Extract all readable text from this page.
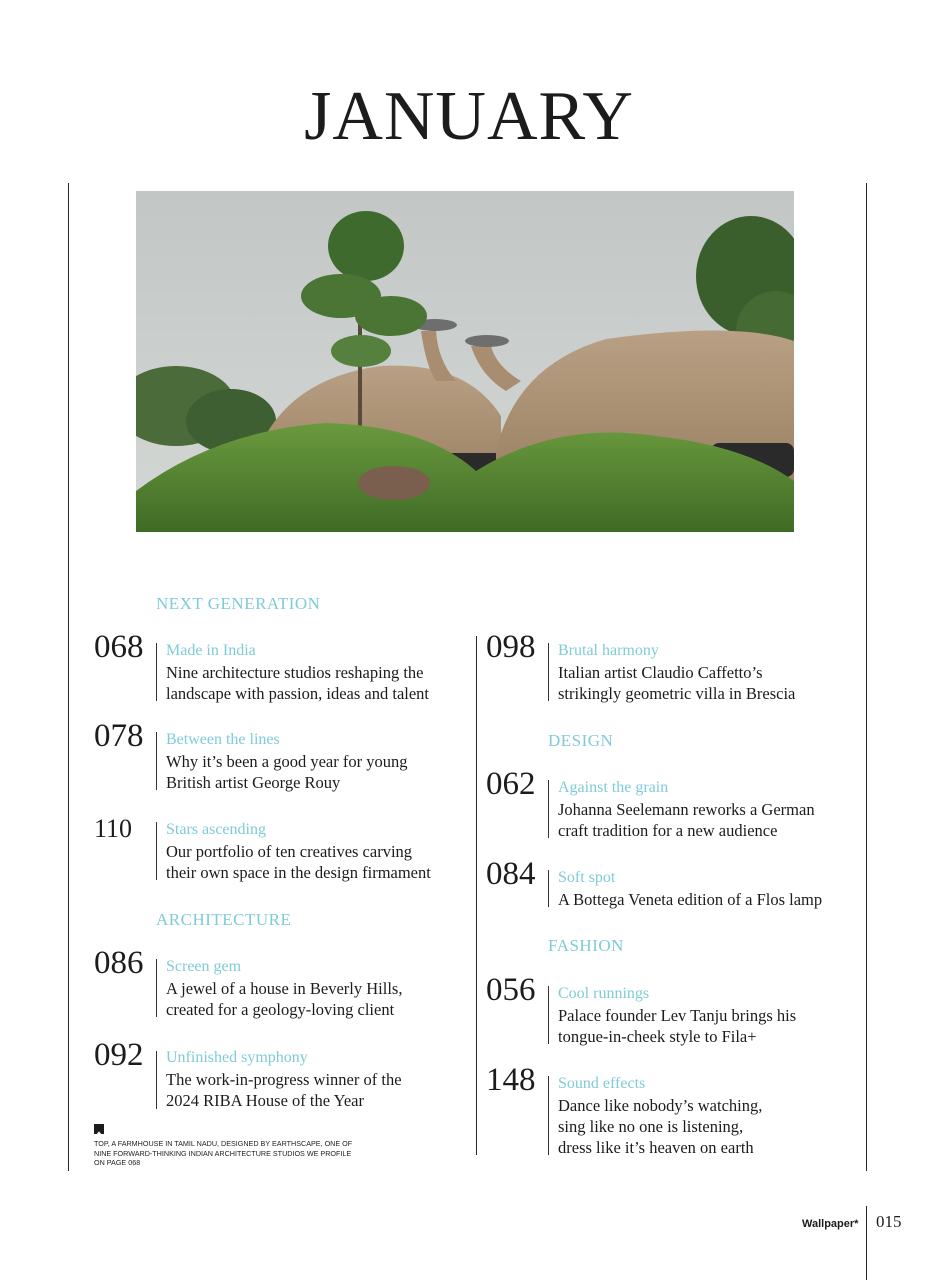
JANUARY
NEXT GENERATION
ARCHITECTURE
DESIGN
FASHION
068 Made in India
Nine architecture studios reshaping the
landscape with passion, ideas and talent
078 Between the lines
Why it’s been a good year for young
British artist George Rouy
110 Stars ascending
Our portfolio of ten creatives carving
their own space in the design firmament
086 Screen gem
A jewel of a house in Beverly Hills,
created for a geology-loving client
092 Unfinished symphony
The work-in-progress winner of the
2024 RIBA House of the Year
098 Brutal harmony
Italian artist Claudio Caffetto’s
strikingly geometric villa in Brescia
062 Against the grain
Johanna Seelemann reworks a German
craft tradition for a new audience
084 Soft spot
A Bottega Veneta edition of a Flos lamp
056 Cool runnings
Palace founder Lev Tanju brings his
tongue-in-cheek style to Fila+
148 Sound effects
Dance like nobody’s watching,
sing like no one is listening,
dress like it’s heaven on earth
TOP, A FARMHOUSE IN TAMIL NADU, DESIGNED BY EARTHSCAPE, ONE OF NINE FORWARD-THINKING INDIAN ARCHITECTURE STUDIOS WE PROFILE ON PAGE 068
Wallpaper* 015
